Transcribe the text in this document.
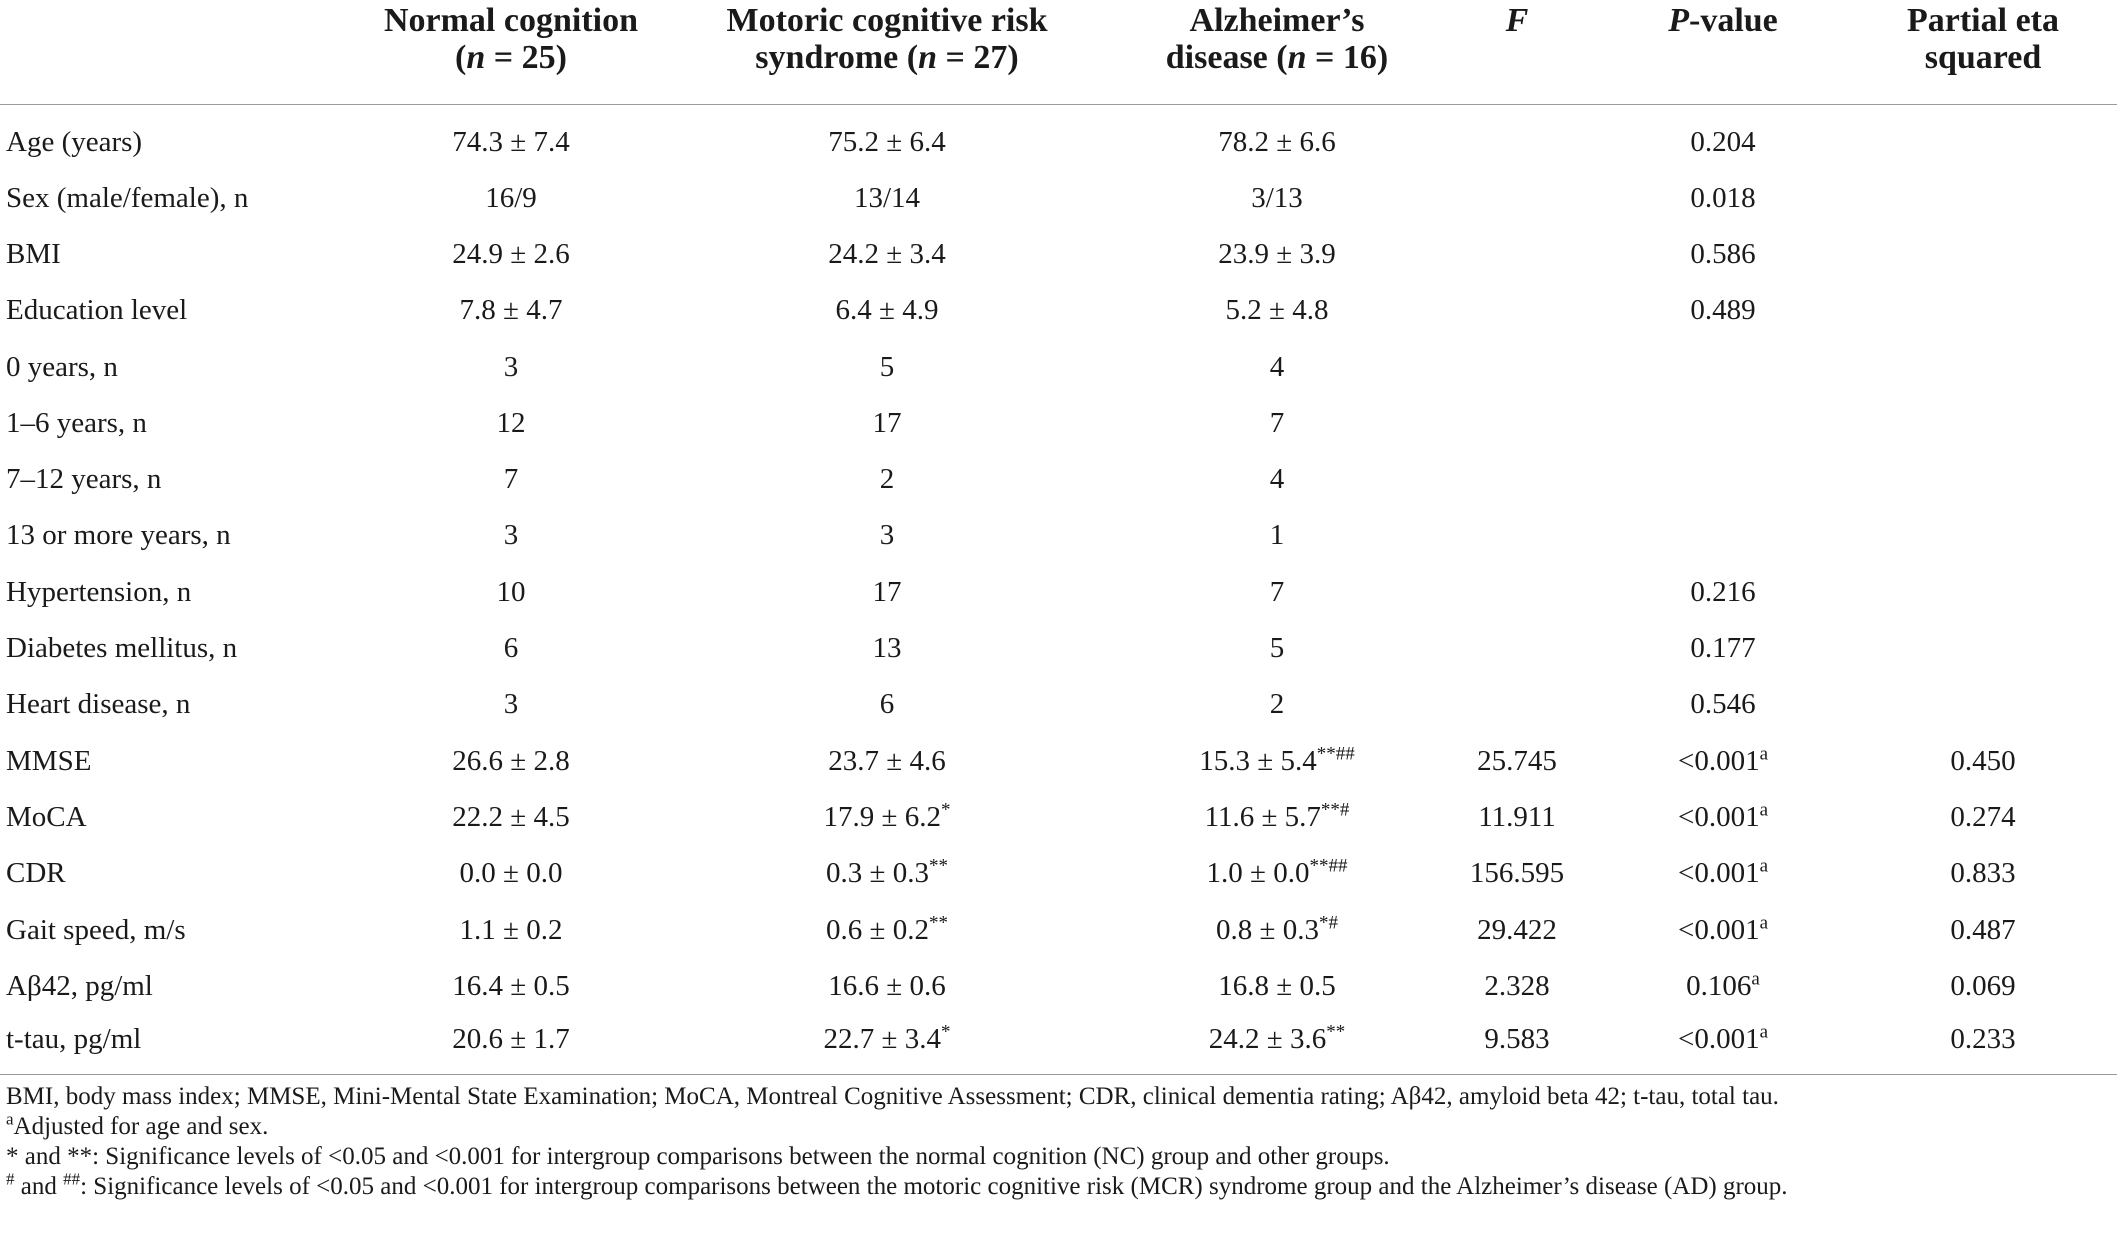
	Normal cognition
(n = 25)	Motoric cognitive risk
syndrome (n = 27)	Alzheimer’s
disease (n = 16)	F	P-value	Partial eta
squared

Age (years)	74.3 ± 7.4	75.2 ± 6.4	78.2 ± 6.6		0.204	
Sex (male/female), n	16/9	13/14	3/13		0.018	
BMI	24.9 ± 2.6	24.2 ± 3.4	23.9 ± 3.9		0.586	
Education level	7.8 ± 4.7	6.4 ± 4.9	5.2 ± 4.8		0.489	
0 years, n	3	5	4			
1–6 years, n	12	17	7			
7–12 years, n	7	2	4			
13 or more years, n	3	3	1			
Hypertension, n	10	17	7		0.216	
Diabetes mellitus, n	6	13	5		0.177	
Heart disease, n	3	6	2		0.546	
MMSE	26.6 ± 2.8	23.7 ± 4.6	15.3 ± 5.4**##	25.745	<0.001$^a$	0.450
MoCA	22.2 ± 4.5	17.9 ± 6.2*	11.6 ± 5.7**#	11.911	<0.001$^a$	0.274
CDR	0.0 ± 0.0	0.3 ± 0.3**	1.0 ± 0.0**##	156.595	<0.001$^a$	0.833
Gait speed, m/s	1.1 ± 0.2	0.6 ± 0.2**	0.8 ± 0.3*#	29.422	<0.001$^a$	0.487
Aβ42, pg/ml	16.4 ± 0.5	16.6 ± 0.6	16.8 ± 0.5	2.328	0.106$^a$	0.069
t-tau, pg/ml	20.6 ± 1.7	22.7 ± 3.4*	24.2 ± 3.6**	9.583	<0.001$^a$	0.233
BMI, body mass index; MMSE, Mini-Mental State Examination; MoCA, Montreal Cognitive Assessment; CDR, clinical dementia rating; Aβ42, amyloid beta 42; t-tau, total tau.
$^a$Adjusted for age and sex.
* and **: Significance levels of <0.05 and <0.001 for intergroup comparisons between the normal cognition (NC) group and other groups.
# and ##: Significance levels of <0.05 and <0.001 for intergroup comparisons between the motoric cognitive risk (MCR) syndrome group and the Alzheimer’s disease (AD) group.
